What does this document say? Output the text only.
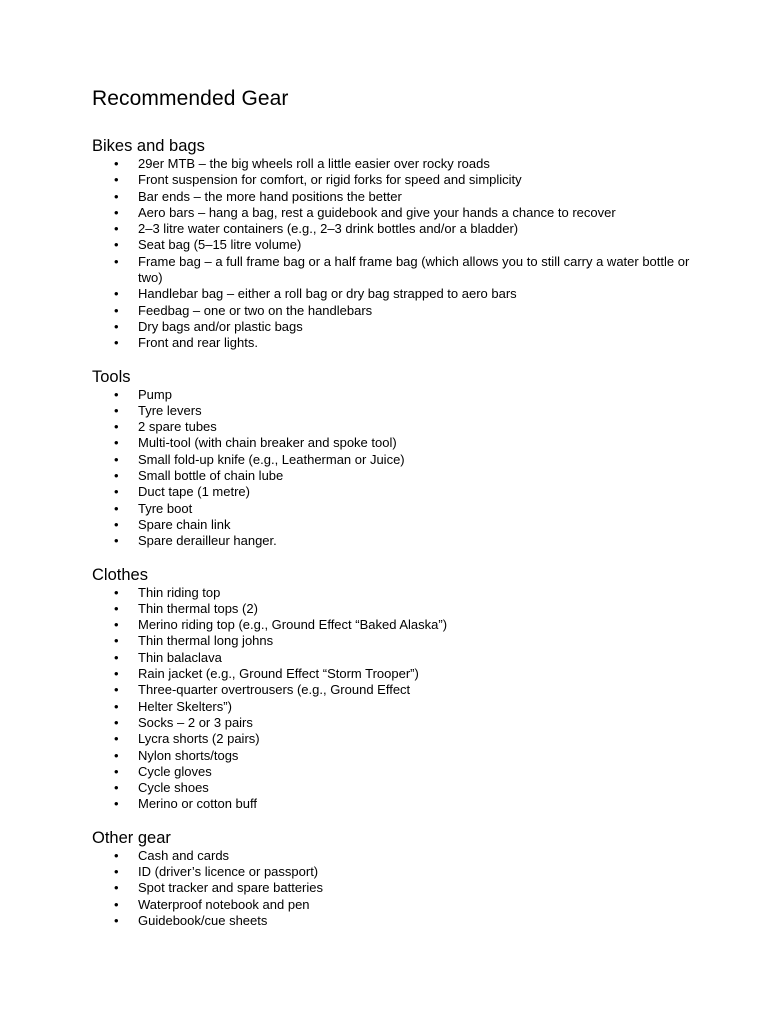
Recommended Gear
Bikes and bags
• 29er MTB – the big wheels roll a little easier over rocky roads
• Front suspension for comfort, or rigid forks for speed and simplicity
• Bar ends – the more hand positions the better
• Aero bars – hang a bag, rest a guidebook and give your hands a chance to recover
• 2–3 litre water containers (e.g., 2–3 drink bottles and/or a bladder)
• Seat bag (5–15 litre volume)
• Frame bag – a full frame bag or a half frame bag (which allows you to still carry a water bottle or two)
• Handlebar bag – either a roll bag or dry bag strapped to aero bars
• Feedbag – one or two on the handlebars
• Dry bags and/or plastic bags
• Front and rear lights.
Tools
• Pump
• Tyre levers
• 2 spare tubes
• Multi-tool (with chain breaker and spoke tool)
• Small fold-up knife (e.g., Leatherman or Juice)
• Small bottle of chain lube
• Duct tape (1 metre)
• Tyre boot
• Spare chain link
• Spare derailleur hanger.
Clothes
• Thin riding top
• Thin thermal tops (2)
• Merino riding top (e.g., Ground Effect “Baked Alaska”)
• Thin thermal long johns
• Thin balaclava
• Rain jacket (e.g., Ground Effect “Storm Trooper”)
• Three-quarter overtrousers (e.g., Ground Effect
• Helter Skelters”)
• Socks – 2 or 3 pairs
• Lycra shorts (2 pairs)
• Nylon shorts/togs
• Cycle gloves
• Cycle shoes
• Merino or cotton buff
Other gear
• Cash and cards
• ID (driver’s licence or passport)
• Spot tracker and spare batteries
• Waterproof notebook and pen
• Guidebook/cue sheets
